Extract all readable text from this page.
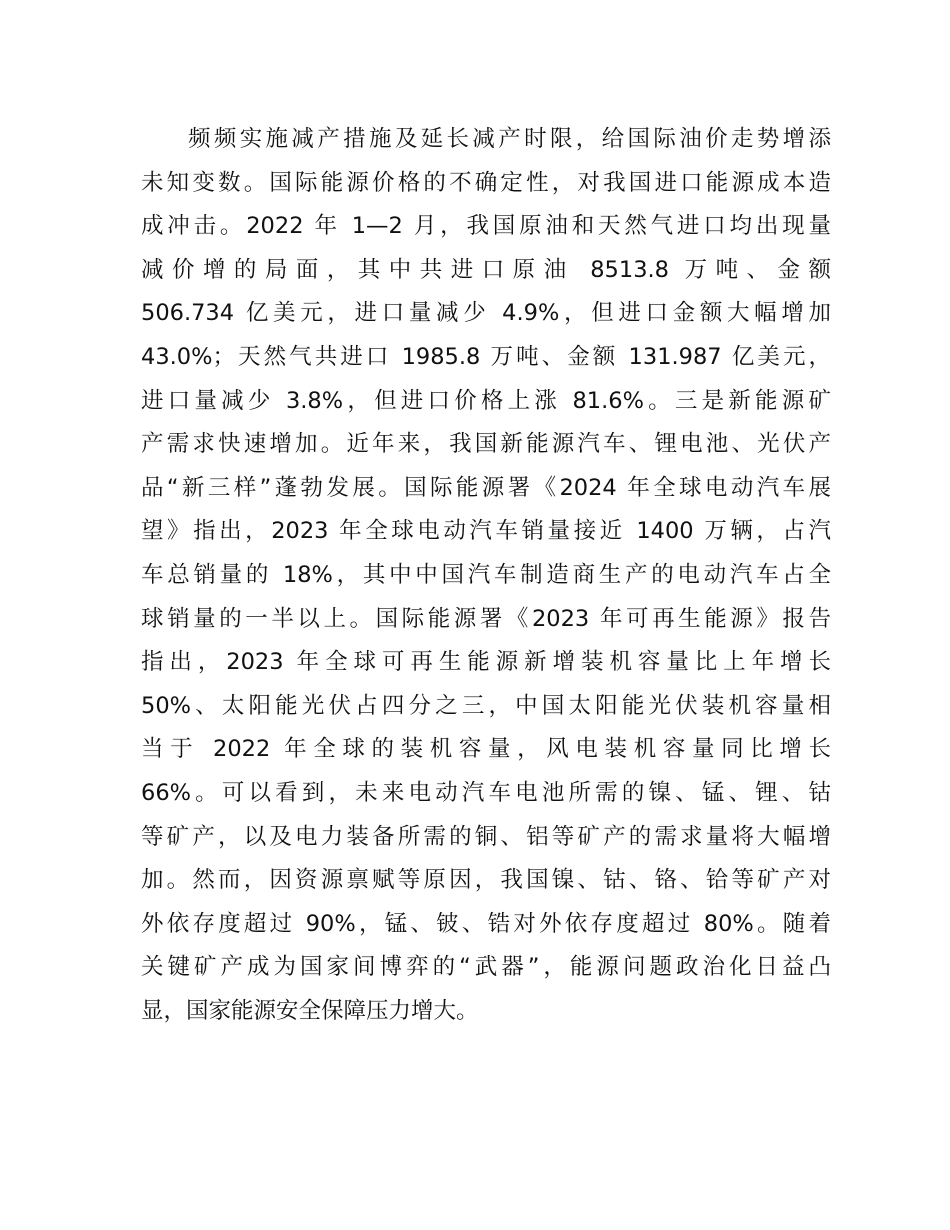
频频实施减产措施及延长减产时限，给国际油价走势增添
未知变数。国际能源价格的不确定性，对我国进口能源成本造
成冲击。2022 年 1—2 月，我国原油和天然气进口均出现量
减价增的局面，其中共进口原油 8513.8 万吨、金额
506.734 亿美元，进口量减少 4.9%，但进口金额大幅增加
43.0%；天然气共进口 1985.8 万吨、金额 131.987 亿美元，
进口量减少 3.8%，但进口价格上涨 81.6%。三是新能源矿
产需求快速增加。近年来，我国新能源汽车、锂电池、光伏产
品“新三样”蓬勃发展。国际能源署《2024 年全球电动汽车展
望》指出，2023 年全球电动汽车销量接近 1400 万辆，占汽
车总销量的 18%，其中中国汽车制造商生产的电动汽车占全
球销量的一半以上。国际能源署《2023 年可再生能源》报告
指出，2023 年全球可再生能源新增装机容量比上年增长
50%、太阳能光伏占四分之三，中国太阳能光伏装机容量相
当于 2022 年全球的装机容量，风电装机容量同比增长
66%。可以看到，未来电动汽车电池所需的镍、锰、锂、钴
等矿产，以及电力装备所需的铜、铝等矿产的需求量将大幅增
加。然而，因资源禀赋等原因，我国镍、钴、铬、铪等矿产对
外依存度超过 90%，锰、铍、锆对外依存度超过 80%。随着
关键矿产成为国家间博弈的“武器”，能源问题政治化日益凸
显，国家能源安全保障压力增大。
